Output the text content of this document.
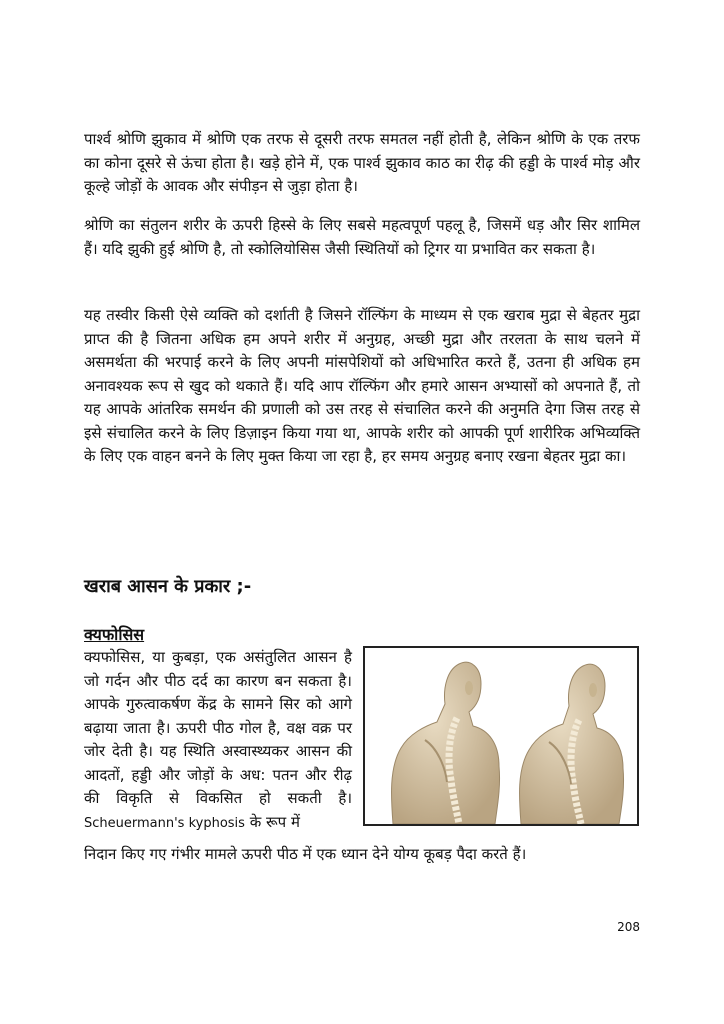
पार्श्व श्रोणि झुकाव में श्रोणि एक तरफ से दूसरी तरफ समतल नहीं होती है, लेकिन श्रोणि के एक तरफ का कोना दूसरे से ऊंचा होता है। खड़े होने में, एक पार्श्व झुकाव काठ का रीढ़ की हड्डी के पार्श्व मोड़ और कूल्हे जोड़ों के आवक और संपीड़न से जुड़ा होता है।

श्रोणि का संतुलन शरीर के ऊपरी हिस्से के लिए सबसे महत्वपूर्ण पहलू है, जिसमें धड़ और सिर शामिल हैं। यदि झुकी हुई श्रोणि है, तो स्कोलियोसिस जैसी स्थितियों को ट्रिगर या प्रभावित कर सकता है।

यह तस्वीर किसी ऐसे व्यक्ति को दर्शाती है जिसने रॉल्फिंग के माध्यम से एक खराब मुद्रा से बेहतर मुद्रा प्राप्त की है जितना अधिक हम अपने शरीर में अनुग्रह, अच्छी मुद्रा और तरलता के साथ चलने में असमर्थता की भरपाई करने के लिए अपनी मांसपेशियों को अधिभारित करते हैं, उतना ही अधिक हम अनावश्यक रूप से खुद को थकाते हैं। यदि आप रॉल्फिंग और हमारे आसन अभ्यासों को अपनाते हैं, तो यह आपके आंतरिक समर्थन की प्रणाली को उस तरह से संचालित करने की अनुमति देगा जिस तरह से इसे संचालित करने के लिए डिज़ाइन किया गया था, आपके शरीर को आपकी पूर्ण शारीरिक अभिव्यक्ति के लिए एक वाहन बनने के लिए मुक्त किया जा रहा है, हर समय अनुग्रह बनाए रखना बेहतर मुद्रा का।

खराब आसन के प्रकार ;-
क्यफोसिस

क्यफोसिस, या कुबड़ा, एक असंतुलित आसन है जो गर्दन और पीठ दर्द का कारण बन सकता है। आपके गुरुत्वाकर्षण केंद्र के सामने सिर को आगे बढ़ाया जाता है। ऊपरी पीठ गोल है, वक्ष वक्र पर जोर देती है। यह स्थिति अस्वास्थ्यकर आसन की आदतों, हड्डी और जोड़ों के अध: पतन और रीढ़ की विकृति से विकसित हो सकती है। Scheuermann's kyphosis के रूप में

निदान किए गए गंभीर मामले ऊपरी पीठ में एक ध्यान देने योग्य कूबड़ पैदा करते हैं।

208
